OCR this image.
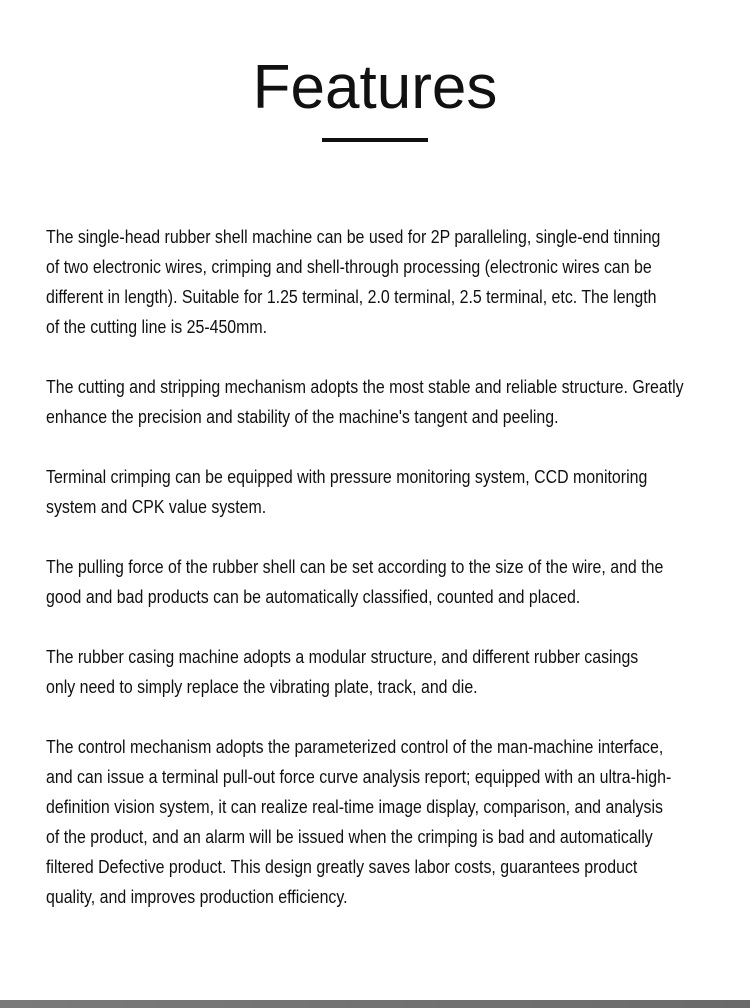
Features
The single-head rubber shell machine can be used for 2P paralleling, single-end tinning
of two electronic wires, crimping and shell-through processing (electronic wires can be
different in length). Suitable for 1.25 terminal, 2.0 terminal, 2.5 terminal, etc. The length
of the cutting line is 25-450mm.
The cutting and stripping mechanism adopts the most stable and reliable structure. Greatly
enhance the precision and stability of the machine's tangent and peeling.
Terminal crimping can be equipped with pressure monitoring system, CCD monitoring
system and CPK value system.
The pulling force of the rubber shell can be set according to the size of the wire, and the
good and bad products can be automatically classified, counted and placed.
The rubber casing machine adopts a modular structure, and different rubber casings
only need to simply replace the vibrating plate, track, and die.
The control mechanism adopts the parameterized control of the man-machine interface,
and can issue a terminal pull-out force curve analysis report; equipped with an ultra-high-
definition vision system, it can realize real-time image display, comparison, and analysis
of the product, and an alarm will be issued when the crimping is bad and automatically
filtered Defective product. This design greatly saves labor costs, guarantees product
quality, and improves production efficiency.
